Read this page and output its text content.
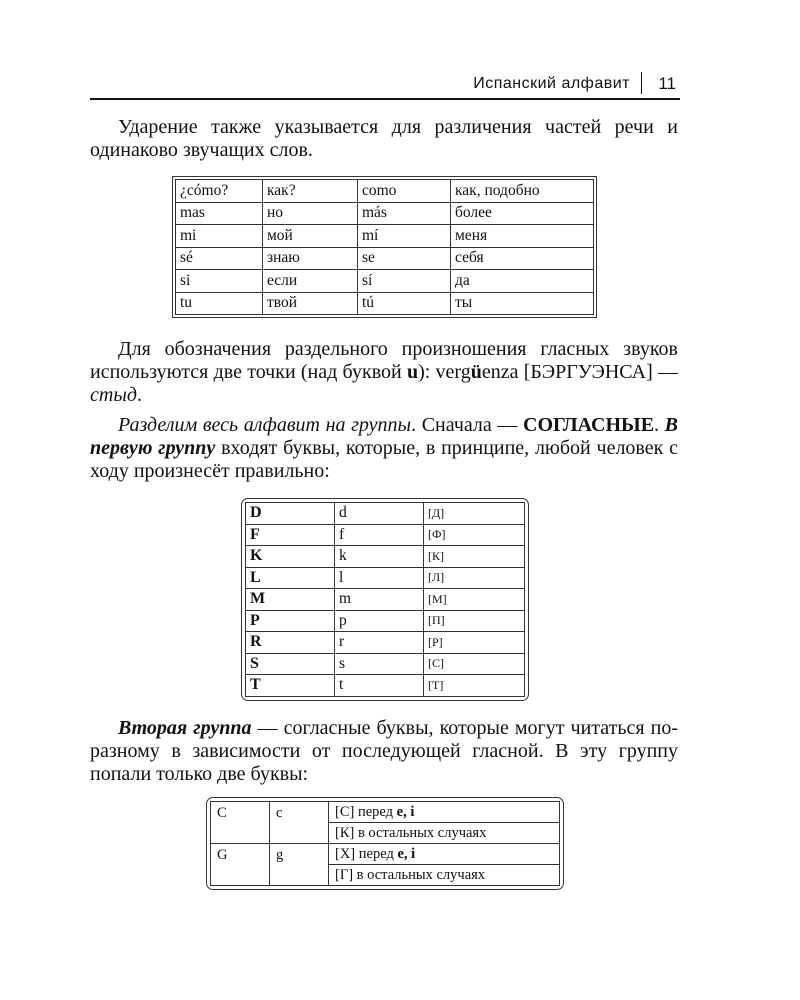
Испанский алфавит 11
Ударение также указывается для различения частей речи и одинаково звучащих слов.
¿cómo?	как?	como	как, подобно
mas	но	más	более
mi	мой	mí	меня
sé	знаю	se	себя
si	если	sí	да
tu	твой	tú	ты
Для обозначения раздельного произношения гласных звуков используются две точки (над буквой u): vergüenza [БЭРГУЭНСА] — стыд.
Разделим весь алфавит на группы. Сначала — СОГЛАСНЫЕ. В первую группу входят буквы, которые, в принципе, любой человек с ходу произнесёт правильно:
D	d	[Д]
F	f	[Ф]
K	k	[К]
L	l	[Л]
M	m	[М]
P	p	[П]
R	r	[Р]
S	s	[С]
T	t	[Т]
Вторая группа — согласные буквы, которые могут читаться по-разному в зависимости от последующей гласной. В эту группу попали только две буквы:
C	c	[С] перед е, i
		[К] в остальных случаях
G	g	[Х] перед е, i
		[Г] в остальных случаях
